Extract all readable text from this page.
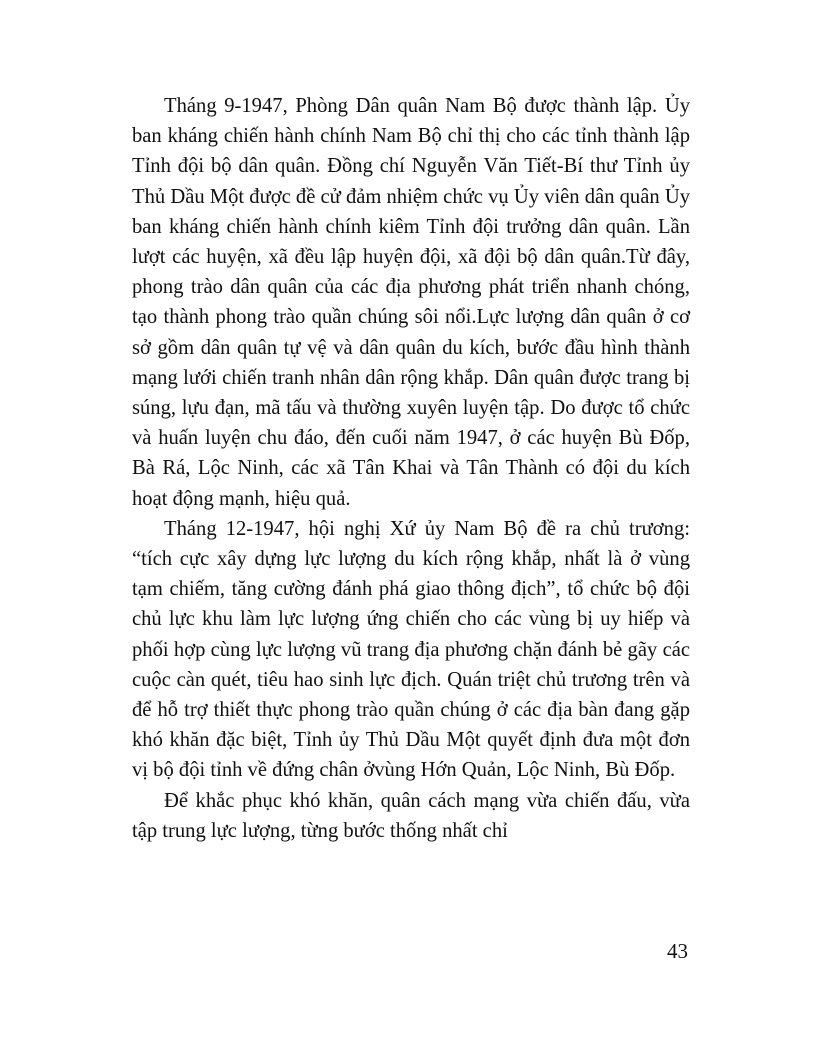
Tháng 9-1947, Phòng Dân quân Nam Bộ được thành lập. Ủy ban kháng chiến hành chính Nam Bộ chỉ thị cho các tỉnh thành lập Tỉnh đội bộ dân quân. Đồng chí Nguyễn Văn Tiết-Bí thư Tỉnh ủy Thủ Dầu Một được đề cử đảm nhiệm chức vụ Ủy viên dân quân Ủy ban kháng chiến hành chính kiêm Tỉnh đội trưởng dân quân. Lần lượt các huyện, xã đều lập huyện đội, xã đội bộ dân quân.Từ đây, phong trào dân quân của các địa phương phát triển nhanh chóng, tạo thành phong trào quần chúng sôi nổi.Lực lượng dân quân ở cơ sở gồm dân quân tự vệ và dân quân du kích, bước đầu hình thành mạng lưới chiến tranh nhân dân rộng khắp. Dân quân được trang bị súng, lựu đạn, mã tấu và thường xuyên luyện tập. Do được tổ chức và huấn luyện chu đáo, đến cuối năm 1947, ở các huyện Bù Đốp, Bà Rá, Lộc Ninh, các xã Tân Khai và Tân Thành có đội du kích hoạt động mạnh, hiệu quả.

Tháng 12-1947, hội nghị Xứ ủy Nam Bộ đề ra chủ trương: “tích cực xây dựng lực lượng du kích rộng khắp, nhất là ở vùng tạm chiếm, tăng cường đánh phá giao thông địch”, tổ chức bộ đội chủ lực khu làm lực lượng ứng chiến cho các vùng bị uy hiếp và phối hợp cùng lực lượng vũ trang địa phương chặn đánh bẻ gãy các cuộc càn quét, tiêu hao sinh lực địch. Quán triệt chủ trương trên và để hỗ trợ thiết thực phong trào quần chúng ở các địa bàn đang gặp khó khăn đặc biệt, Tỉnh ủy Thủ Dầu Một quyết định đưa một đơn vị bộ đội tỉnh về đứng chân ởvùng Hớn Quản, Lộc Ninh, Bù Đốp.

Để khắc phục khó khăn, quân cách mạng vừa chiến đấu, vừa tập trung lực lượng, từng bước thống nhất chỉ

43
